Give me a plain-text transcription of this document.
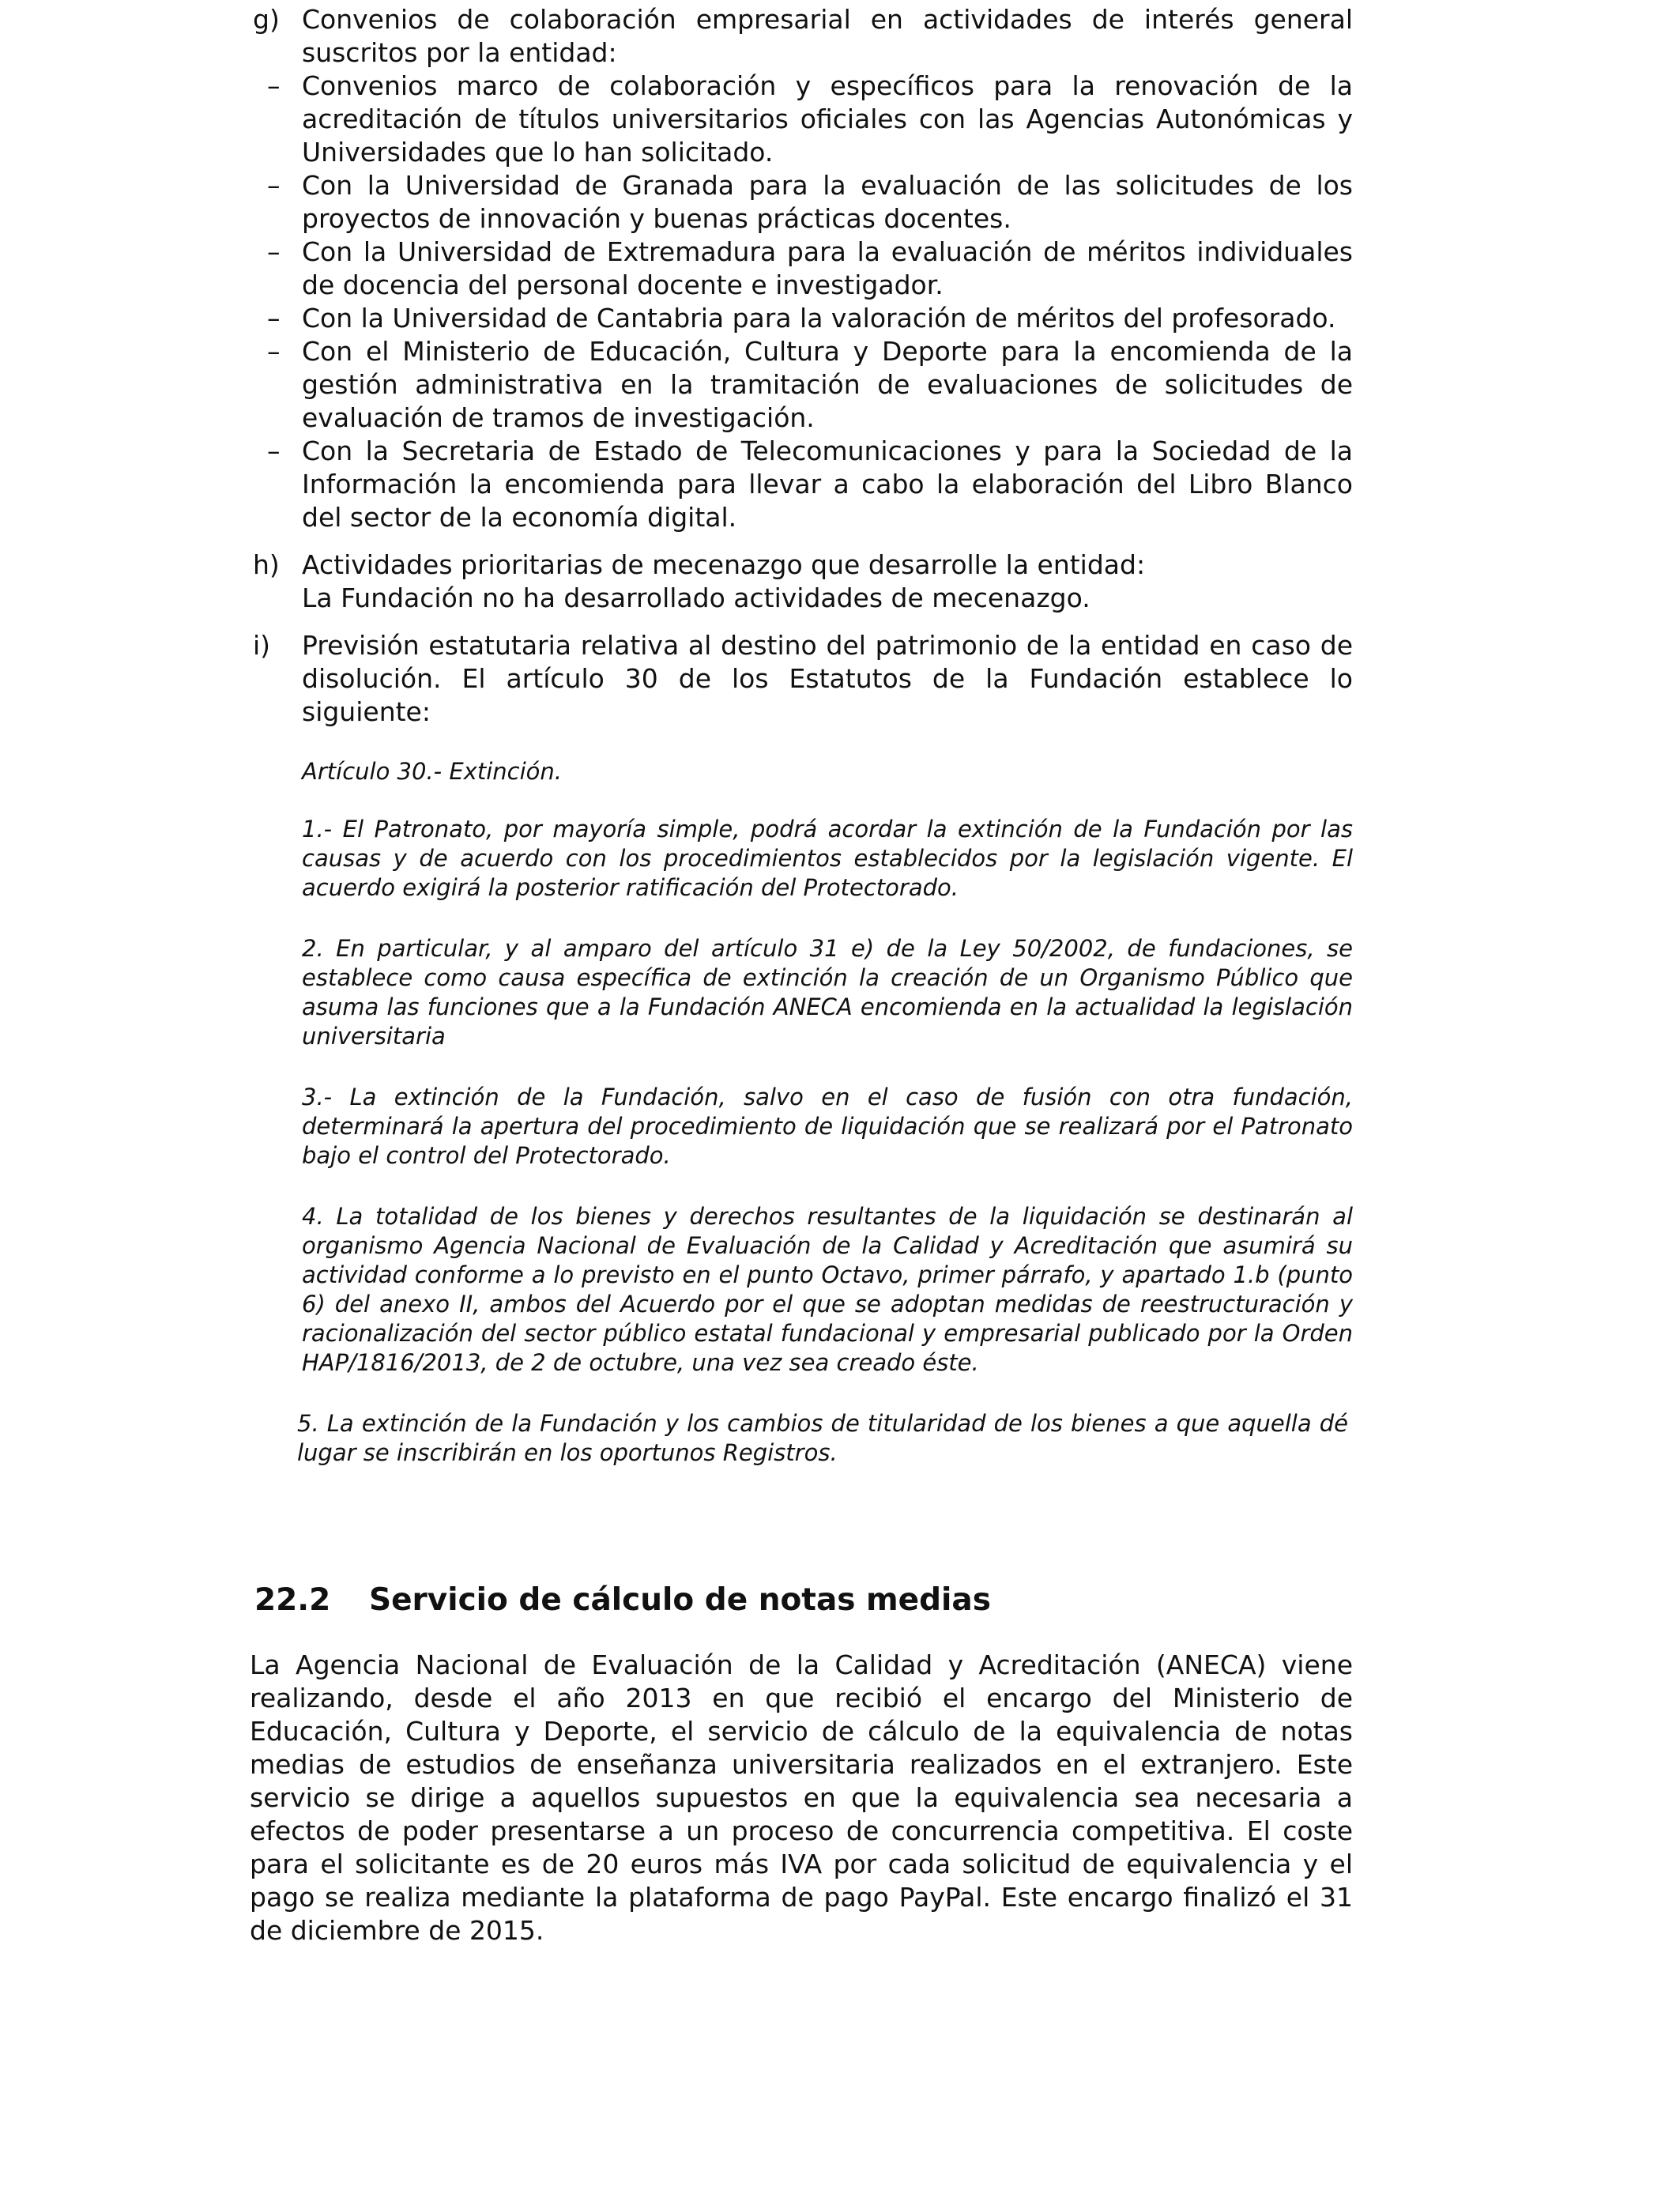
g) Convenios de colaboración empresarial en actividades de interés general suscritos por la entidad:

– Convenios marco de colaboración y específicos para la renovación de la acreditación de títulos universitarios oficiales con las Agencias Autonómicas y Universidades que lo han solicitado.
– Con la Universidad de Granada para la evaluación de las solicitudes de los proyectos de innovación y buenas prácticas docentes.
– Con la Universidad de Extremadura para la evaluación de méritos individuales de docencia del personal docente e investigador.
– Con la Universidad de Cantabria para la valoración de méritos del profesorado.
– Con el Ministerio de Educación, Cultura y Deporte para la encomienda de la gestión administrativa en la tramitación de evaluaciones de solicitudes de evaluación de tramos de investigación.
– Con la Secretaria de Estado de Telecomunicaciones y para la Sociedad de la Información la encomienda para llevar a cabo la elaboración del Libro Blanco del sector de la economía digital.
h) Actividades prioritarias de mecenazgo que desarrolle la entidad:

La Fundación no ha desarrollado actividades de mecenazgo.

i) Previsión estatutaria relativa al destino del patrimonio de la entidad en caso de disolución. El artículo 30 de los Estatutos de la Fundación establece lo siguiente:

Artículo 30.- Extinción.

1.- El Patronato, por mayoría simple, podrá acordar la extinción de la Fundación por las causas y de acuerdo con los procedimientos establecidos por la legislación vigente. El acuerdo exigirá la posterior ratificación del Protectorado.

2. En particular, y al amparo del artículo 31 e) de la Ley 50/2002, de fundaciones, se establece como causa específica de extinción la creación de un Organismo Público que asuma las funciones que a la Fundación ANECA encomienda en la actualidad la legislación universitaria

3.- La extinción de la Fundación, salvo en el caso de fusión con otra fundación, determinará la apertura del procedimiento de liquidación que se realizará por el Patronato bajo el control del Protectorado.

4. La totalidad de los bienes y derechos resultantes de la liquidación se destinarán al organismo Agencia Nacional de Evaluación de la Calidad y Acreditación que asumirá su actividad conforme a lo previsto en el punto Octavo, primer párrafo, y apartado 1.b (punto 6) del anexo II, ambos del Acuerdo por el que se adoptan medidas de reestructuración y racionalización del sector público estatal fundacional y empresarial publicado por la Orden HAP/1816/2013, de 2 de octubre, una vez sea creado éste.

5. La extinción de la Fundación y los cambios de titularidad de los bienes a que aquella dé lugar se inscribirán en los oportunos Registros.

22.2 Servicio de cálculo de notas medias

La Agencia Nacional de Evaluación de la Calidad y Acreditación (ANECA) viene realizando, desde el año 2013 en que recibió el encargo del Ministerio de Educación, Cultura y Deporte, el servicio de cálculo de la equivalencia de notas medias de estudios de enseñanza universitaria realizados en el extranjero. Este servicio se dirige a aquellos supuestos en que la equivalencia sea necesaria a efectos de poder presentarse a un proceso de concurrencia competitiva. El coste para el solicitante es de 20 euros más IVA por cada solicitud de equivalencia y el pago se realiza mediante la plataforma de pago PayPal. Este encargo finalizó el 31 de diciembre de 2015.
